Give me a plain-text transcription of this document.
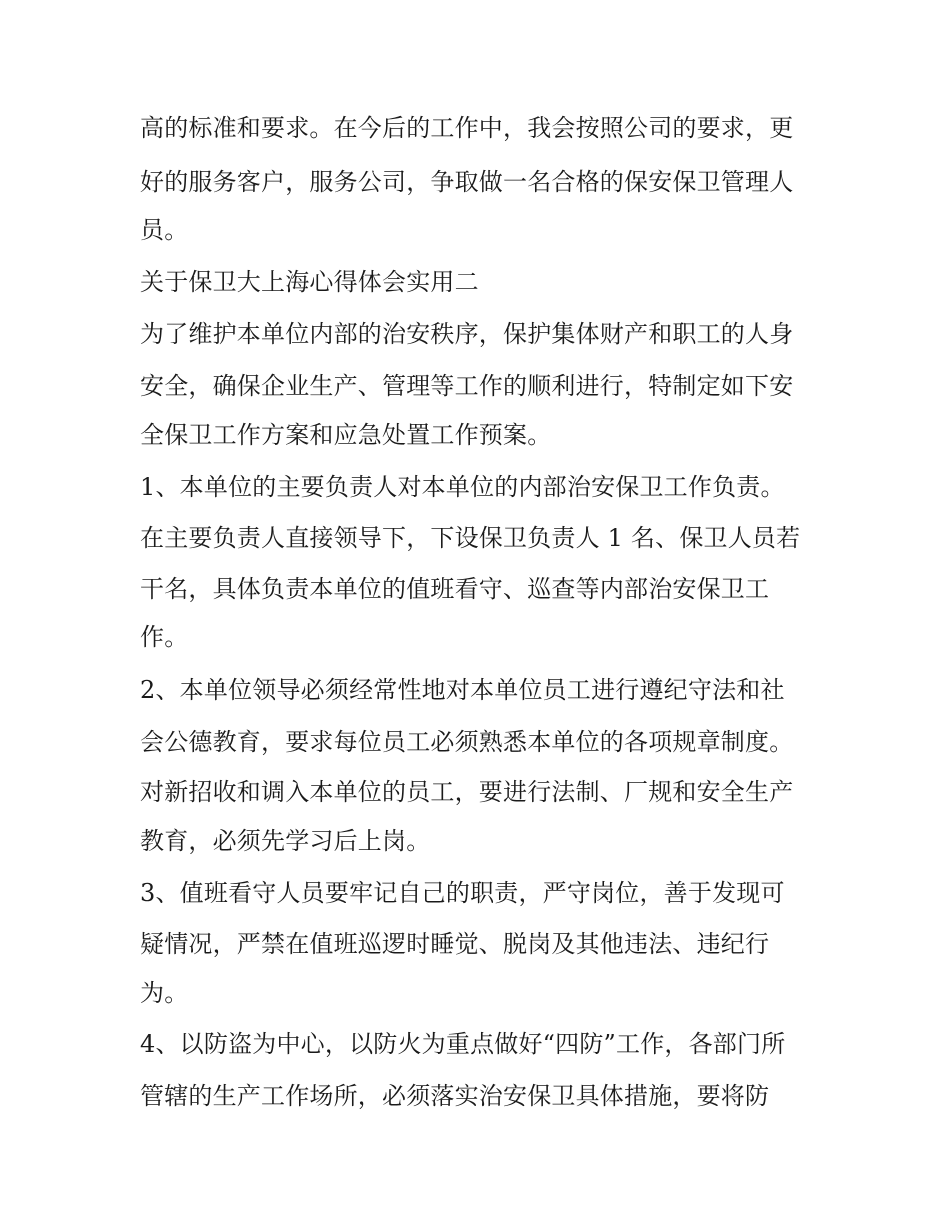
高的标准和要求。在今后的工作中，我会按照公司的要求，更
好的服务客户，服务公司，争取做一名合格的保安保卫管理人
员。
关于保卫大上海心得体会实用二
为了维护本单位内部的治安秩序，保护集体财产和职工的人身
安全，确保企业生产、管理等工作的顺利进行，特制定如下安
全保卫工作方案和应急处置工作预案。
1、本单位的主要负责人对本单位的内部治安保卫工作负责。
在主要负责人直接领导下，下设保卫负责人 1 名、保卫人员若
干名，具体负责本单位的值班看守、巡查等内部治安保卫工
作。
2、本单位领导必须经常性地对本单位员工进行遵纪守法和社
会公德教育，要求每位员工必须熟悉本单位的各项规章制度。
对新招收和调入本单位的员工，要进行法制、厂规和安全生产
教育，必须先学习后上岗。
3、值班看守人员要牢记自己的职责，严守岗位，善于发现可
疑情况，严禁在值班巡逻时睡觉、脱岗及其他违法、违纪行
为。
4、以防盗为中心，以防火为重点做好“四防”工作，各部门所
管辖的生产工作场所，必须落实治安保卫具体措施，要将防
